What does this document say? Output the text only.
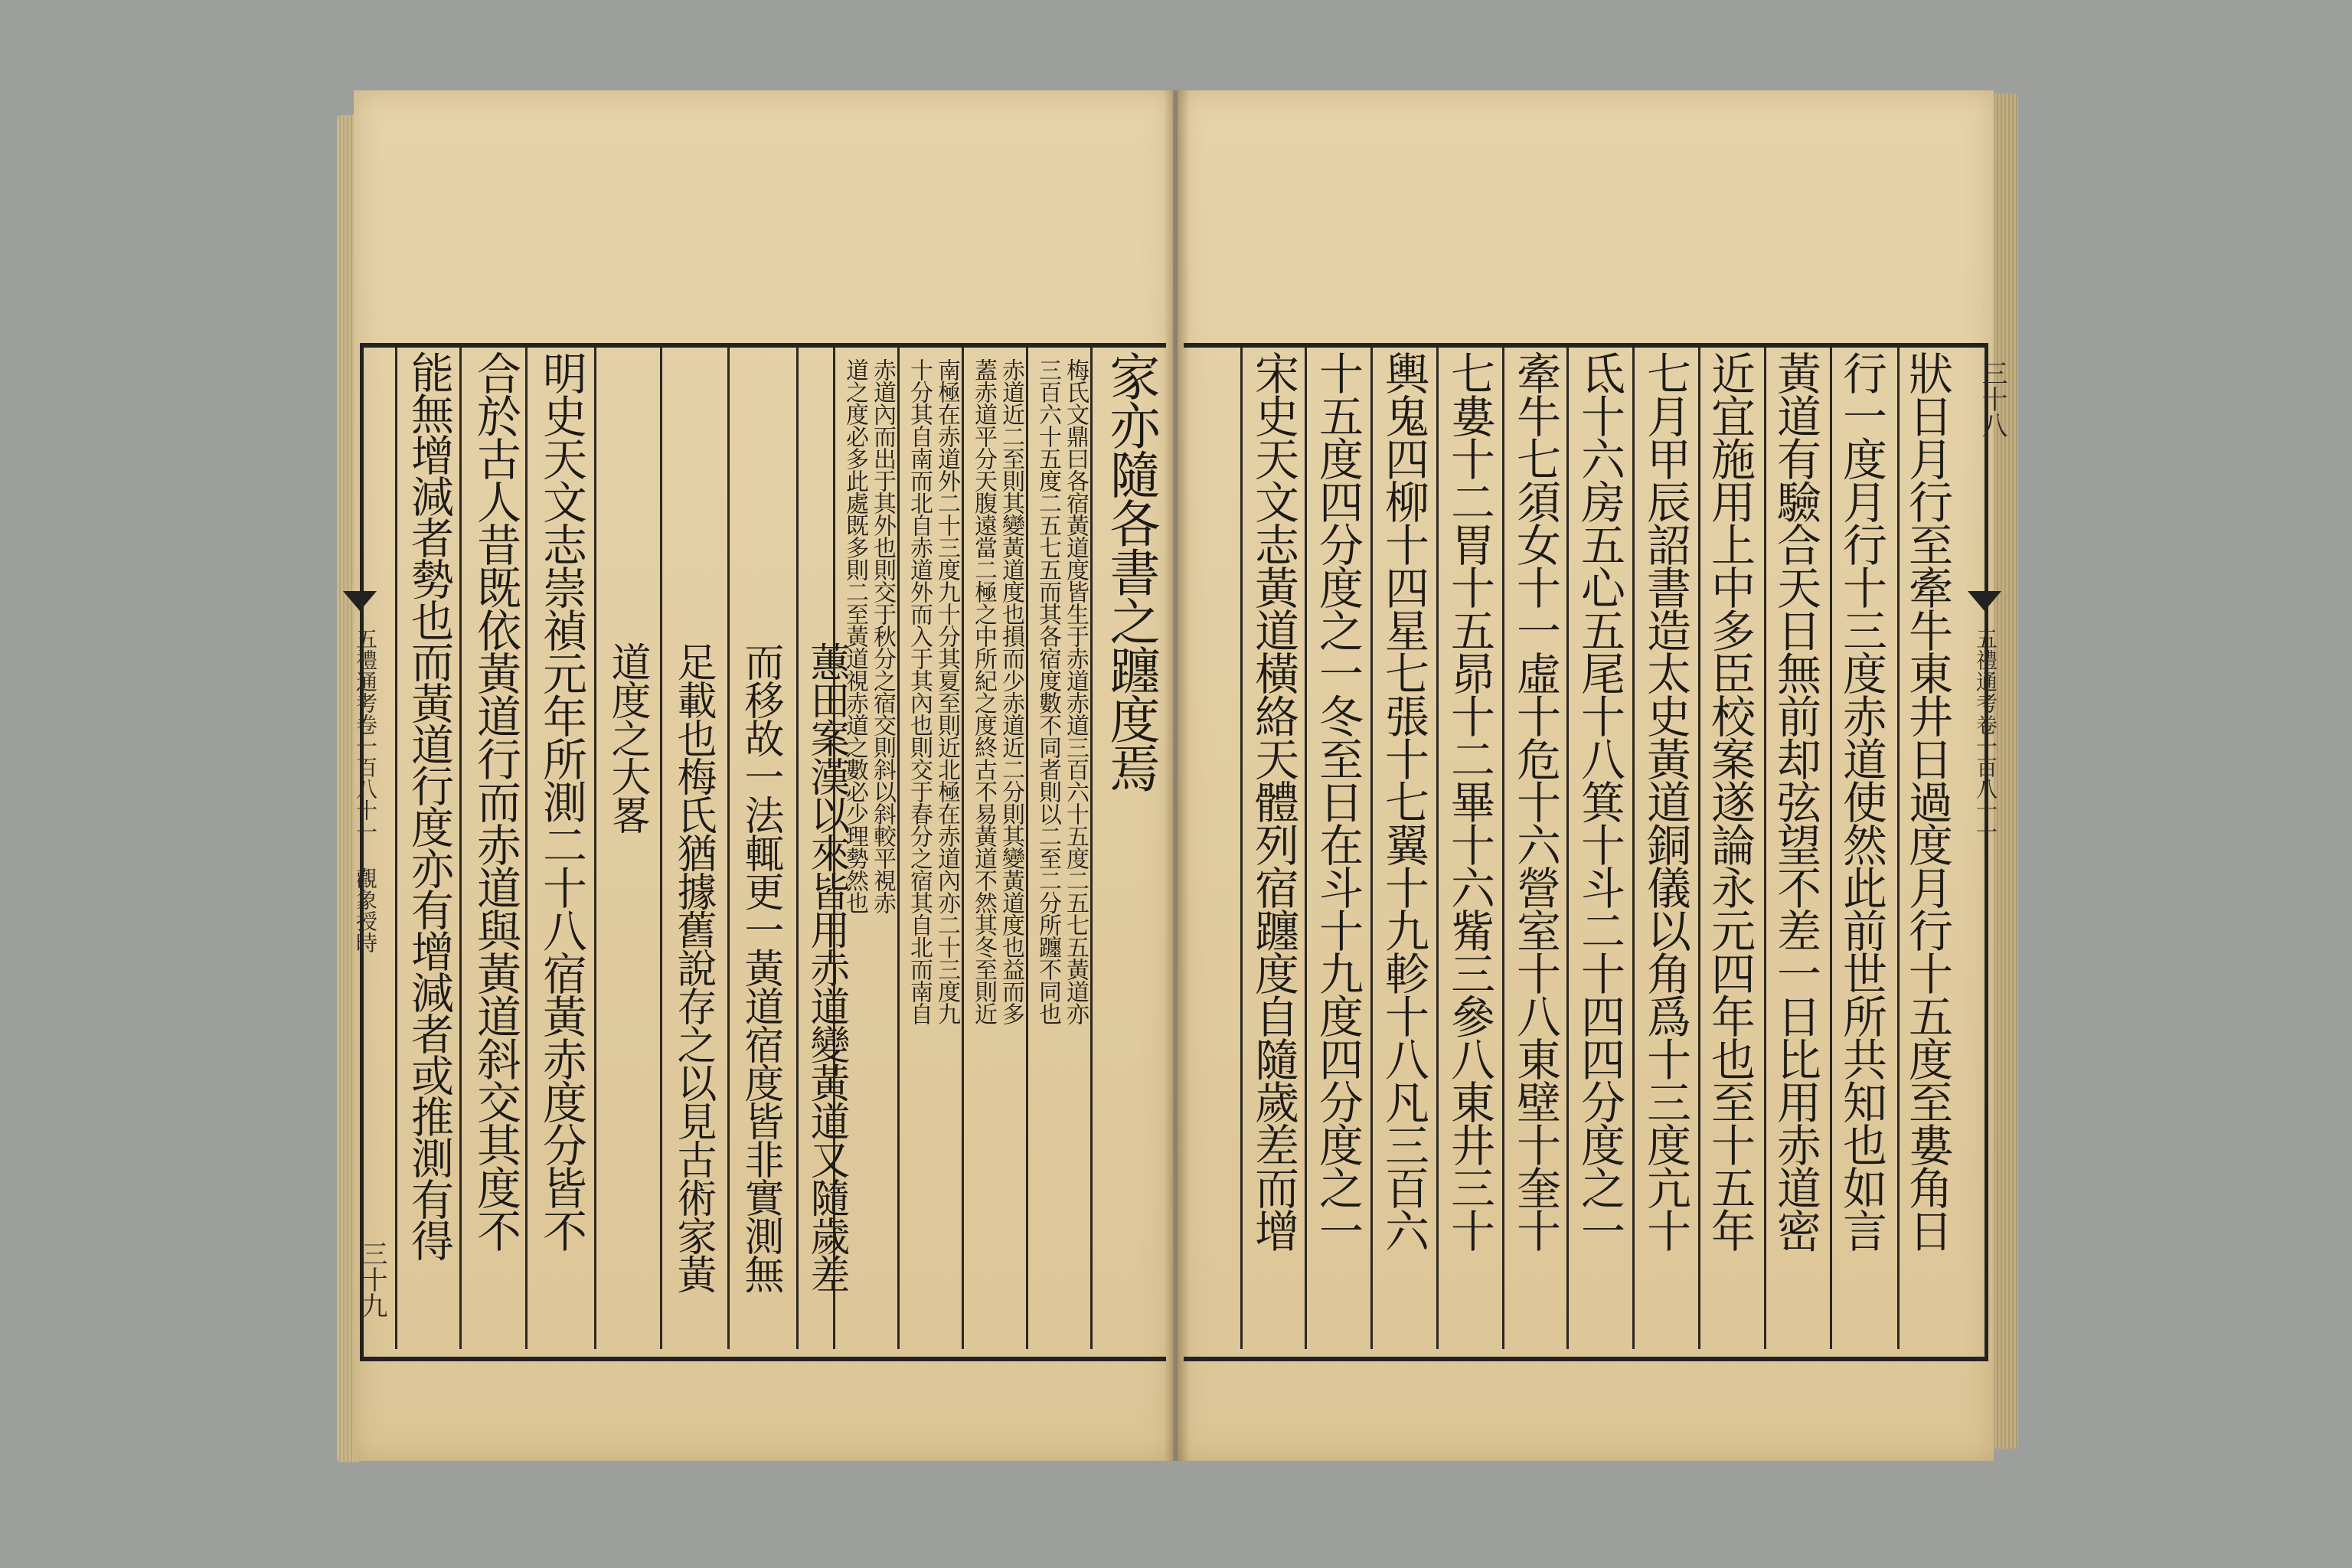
五禮通考卷一百八十一 觀象授時
三十九
五禮通考卷一百八十一
三十八
家亦隨各書之躔度焉
梅氏文鼎曰各宿黃道度皆生于赤道赤道三百六十五度二五七五黃道亦
三百六十五度二五七五而其各宿度數不同者則以二至二分所躔不同也
赤道近二至則其變黃道度也損而少赤道近二分則其變黃道度也益而多
蓋赤道平分天腹遠當二極之中所紀之度終古不易黃道不然其冬至則近
南極在赤道外二十三度九十分其夏至則近北極在赤道內亦二十三度九
十分其自南而北自赤道外而入于其內也則交于春分之宿其自北而南自
赤道內而出于其外也則交于秋分之宿交則斜以斜較平視赤
道之度必多此處既多則二至黃道視赤道之數必少理勢然也
蕙田案漢以來皆用赤道變黃道又隨歲差
而移故一法輒更一黃道宿度皆非實測無
足載也梅氏猶據舊說存之以見古術家黃
道度之大畧
明史天文志崇禎元年所測二十八宿黃赤度分皆不
合於古人昔既依黃道行而赤道與黃道斜交其度不
能無增減者勢也而黃道行度亦有增減者或推測有得	狀日月行至牽牛東井日過度月行十五度至婁角日
行一度月行十三度赤道使然此前世所共知也如言
黃道有驗合天日無前却弦望不差一日比用赤道密
近宜施用上中多臣校案遂論永元四年也至十五年
七月甲辰詔書造太史黃道銅儀以角爲十三度亢十
氐十六房五心五尾十八箕十斗二十四四分度之一
牽牛七須女十一虛十危十六營室十八東壁十奎十
七婁十二胃十五昴十二畢十六觜三參八東井三十
輿鬼四柳十四星七張十七翼十九軫十八凡三百六
十五度四分度之一冬至日在斗十九度四分度之一
宋史天文志黃道橫絡天體列宿躔度自隨歲差而增
